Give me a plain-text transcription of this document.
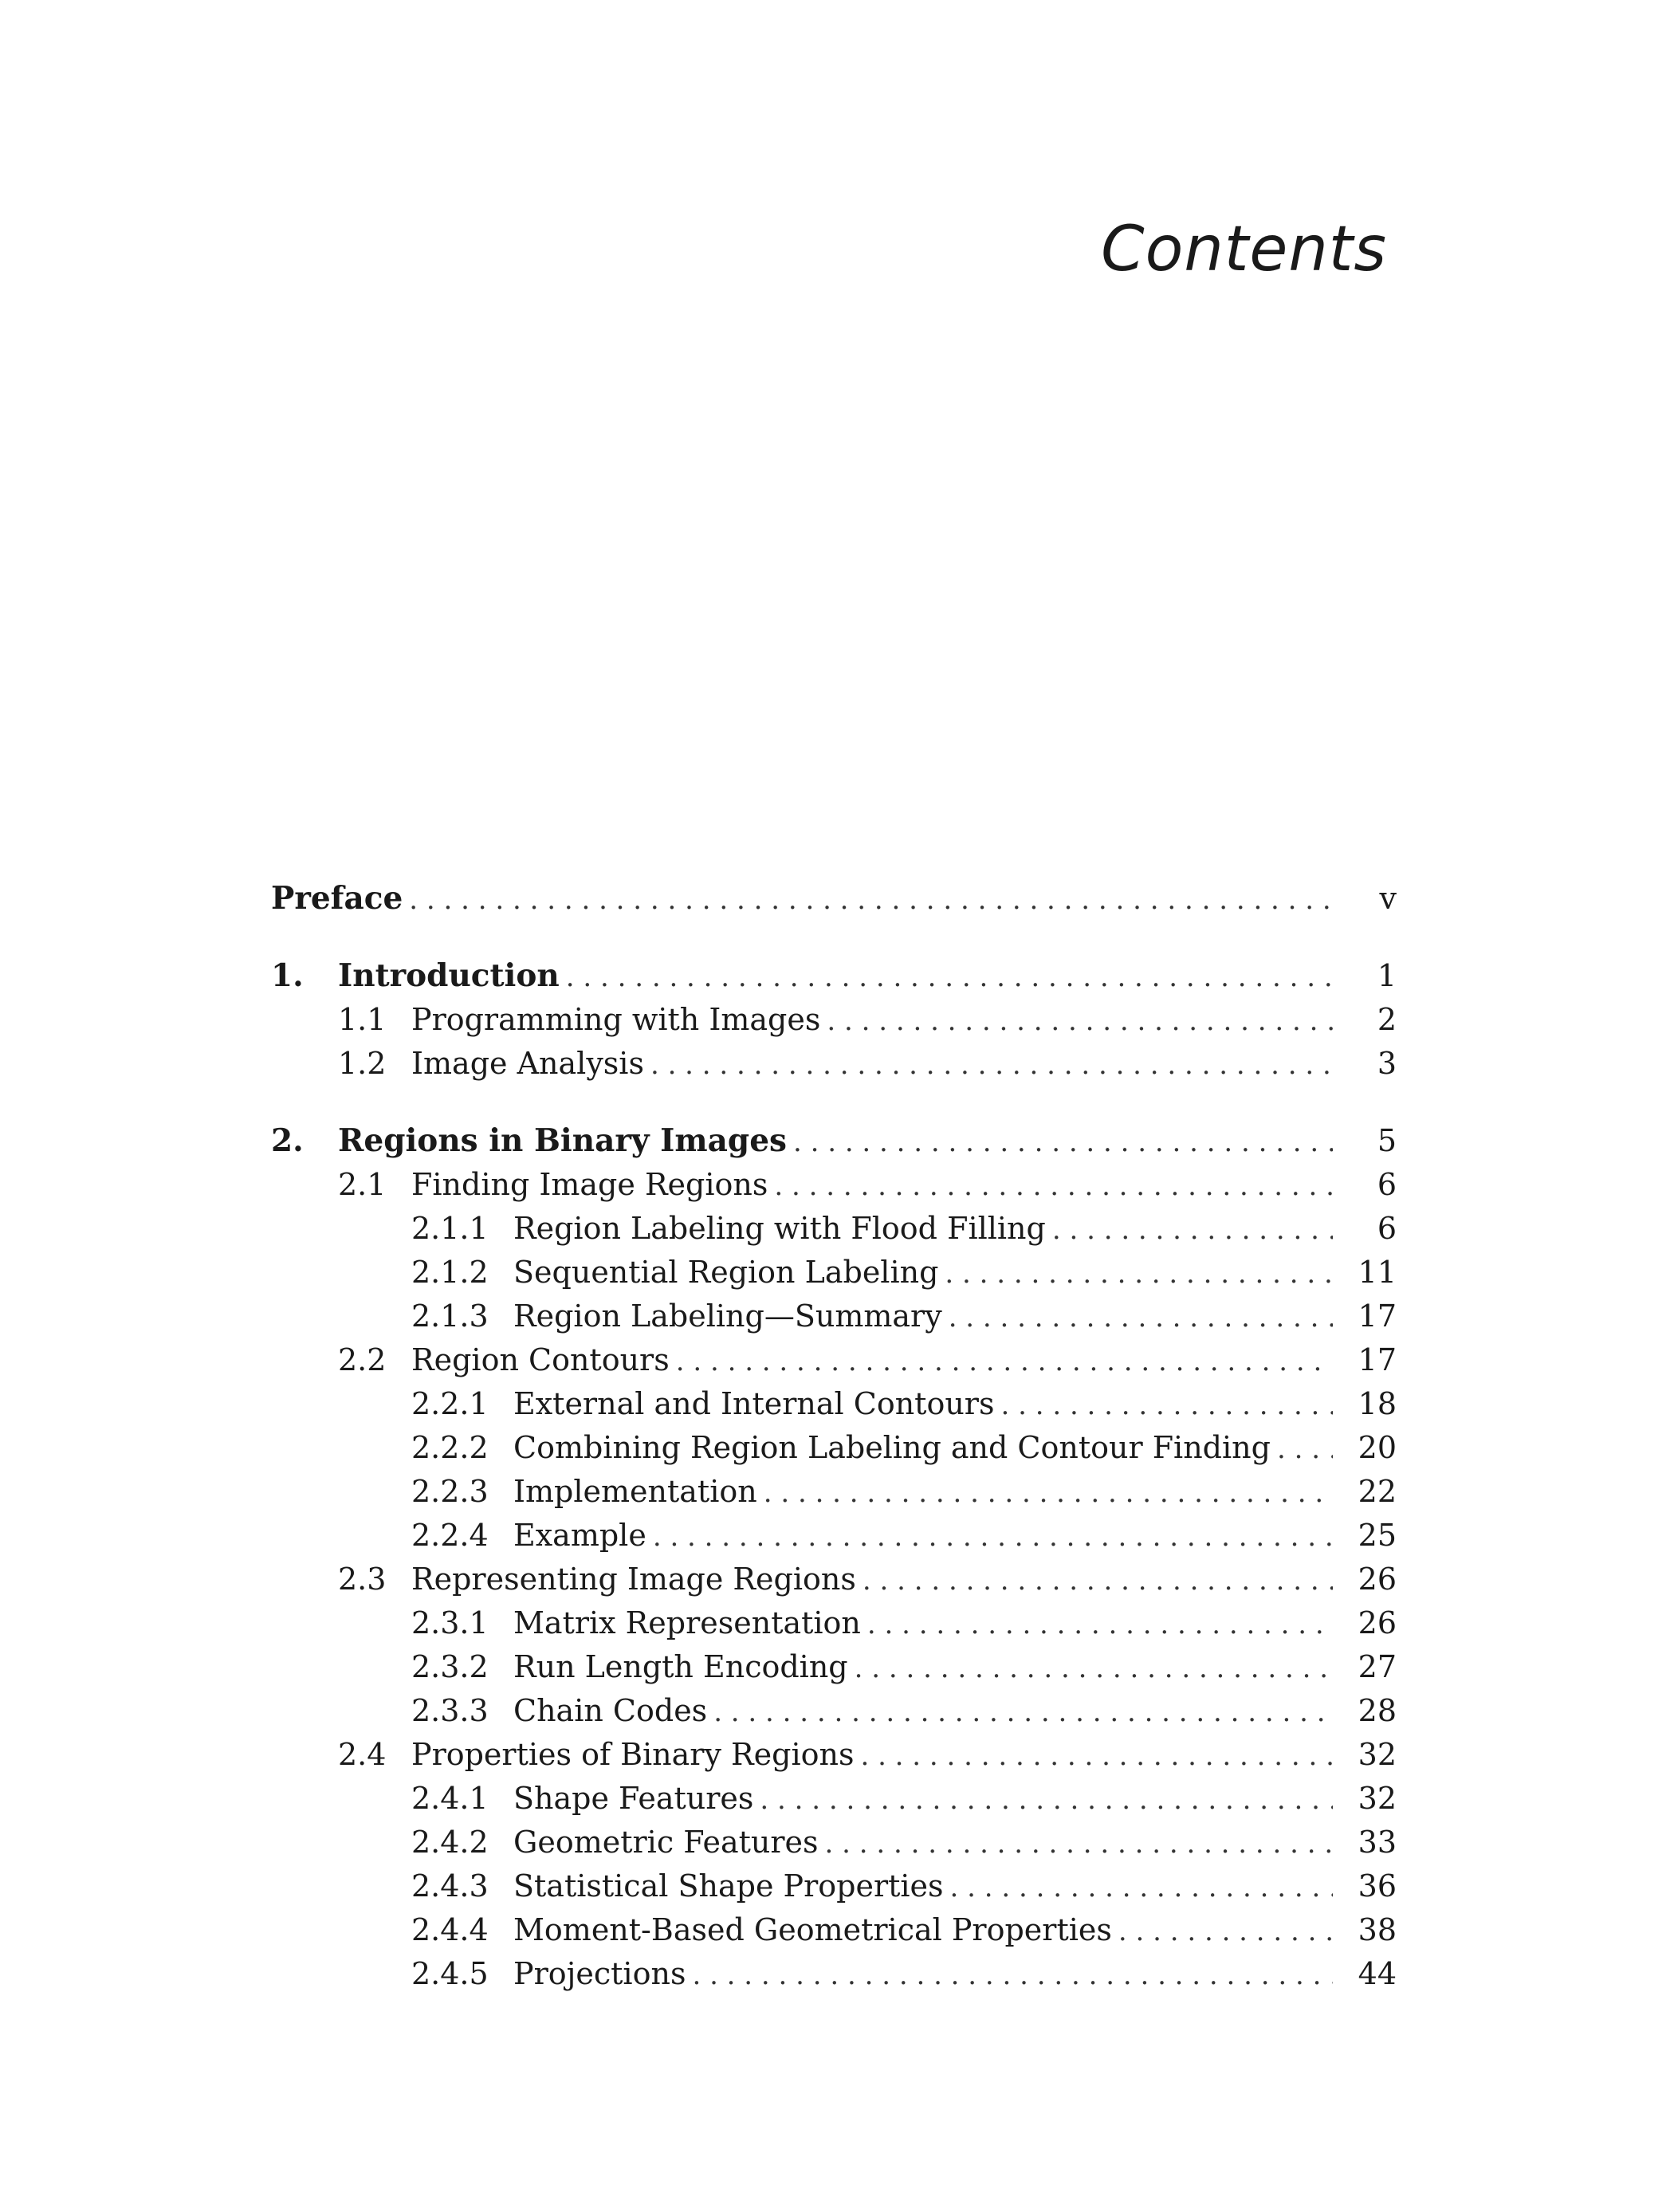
Contents
Preface . . .	v
1.	Introduction . . .	1
1.1 Programming with Images . . .	2
1.2 Image Analysis . . .	3
2.	Regions in Binary Images . . .	5
2.1 Finding Image Regions . . .	6
2.1.1 Region Labeling with Flood Filling . . .	6
2.1.2 Sequential Region Labeling . . .	11
2.1.3 Region Labeling—Summary . . .	17
2.2 Region Contours . . .	17
2.2.1 External and Internal Contours . . .	18
2.2.2 Combining Region Labeling and Contour Finding . . .	20
2.2.3 Implementation . . .	22
2.2.4 Example . . .	25
2.3 Representing Image Regions . . .	26
2.3.1 Matrix Representation . . .	26
2.3.2 Run Length Encoding . . .	27
2.3.3 Chain Codes . . .	28
2.4 Properties of Binary Regions . . .	32
2.4.1 Shape Features . . .	32
2.4.2 Geometric Features . . .	33
2.4.3 Statistical Shape Properties . . .	36
2.4.4 Moment-Based Geometrical Properties . . .	38
2.4.5 Projections . . .	44
